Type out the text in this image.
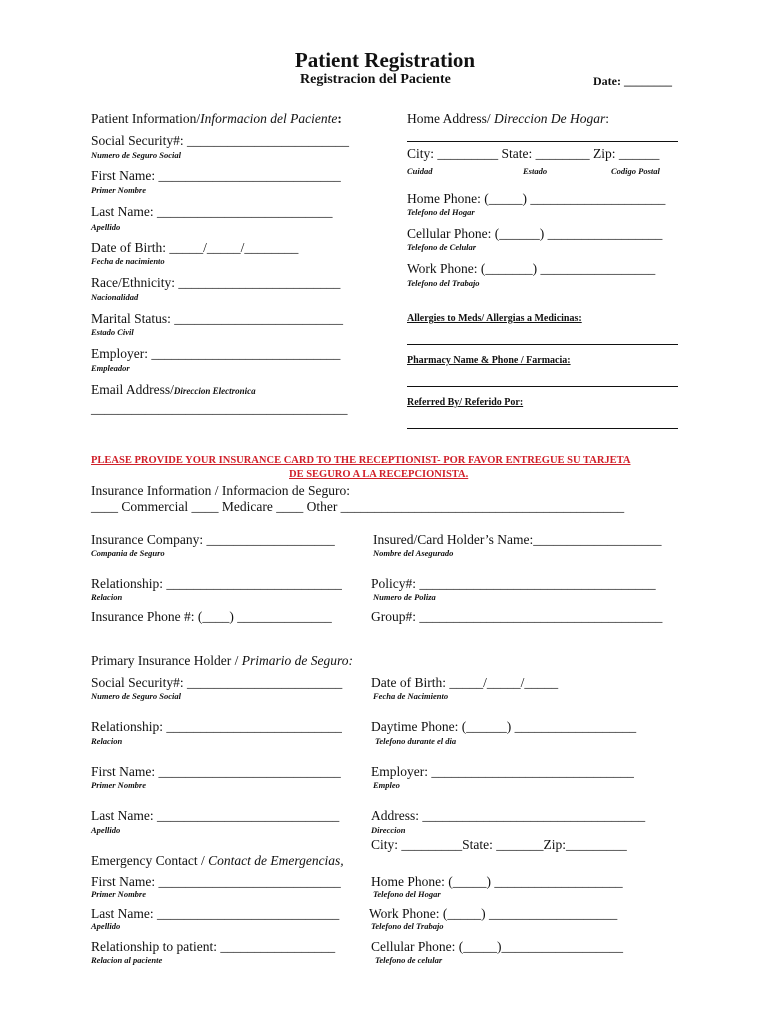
Patient Registration
Registracion del Paciente	Date: ________
Patient Information/Informacion del Paciente:
Social Security#: ________________________
Numero de Seguro Social
First Name: ___________________________
Primer Nombre
Last Name: __________________________
Apellido
Date of Birth: _____/_____/________
Fecha de nacimiento
Race/Ethnicity: ________________________
Nacionalidad
Marital Status: _________________________
Estado Civil
Employer: ____________________________
Empleador
Email Address/Direccion Electronica
______________________________________
Home Address/ Direccion De Hogar:
City: _________ State: ________ Zip: ______
Cuidad	Estado	Codigo Postal
Home Phone: (_____) ____________________
Telefono del Hogar
Cellular Phone: (______) _________________
Telefono de Celular
Work Phone: (_______) _________________
Telefono del Trabajo
Allergies to Meds/ Allergias a Medicinas:
Pharmacy Name & Phone / Farmacia:
Referred By/ Referido Por:
PLEASE PROVIDE YOUR INSURANCE CARD TO THE RECEPTIONIST- POR FAVOR ENTREGUE SU TARJETA
DE SEGURO A LA RECEPCIONISTA.
Insurance Information / Informacion de Seguro:
____ Commercial ____ Medicare ____ Other __________________________________________
Insurance Company: ___________________
Compania de Seguro
Insured/Card Holder’s Name:___________________
Nombre del Asegurado
Relationship: __________________________
Relacion
Policy#: ___________________________________
Numero de Poliza
Insurance Phone #: (____) ______________	Group#: ____________________________________
Primary Insurance Holder / Primario de Seguro:
Social Security#: _______________________
Numero de Seguro Social
Date of Birth: _____/_____/_____
Fecha de Nacimiento
Relationship: __________________________
Relacion
Daytime Phone: (______) __________________
Telefono durante el dia
First Name: ___________________________
Primer Nombre
Employer: ______________________________
Empleo
Last Name: ___________________________
Apellido
Address: _________________________________
Direccion
City: _________State: _______Zip:_________
Emergency Contact / Contact de Emergencias,
First Name: ___________________________
Primer Nombre
Home Phone: (_____) ___________________
Telefono del Hogar
Last Name: ___________________________
Apellido
Work Phone: (_____) ___________________
Telefono del Trabajo
Relationship to patient: _________________
Relacion al paciente
Cellular Phone: (_____)__________________
Telefono de celular
